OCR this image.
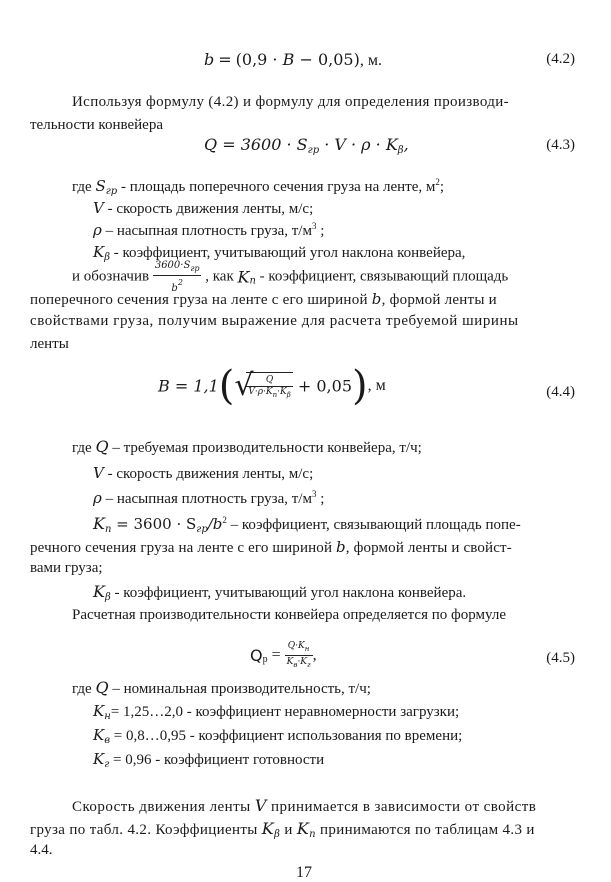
b = (0,9 · B − 0,05), м.	(4.2)
Используя формулу (4.2) и формулу для определения производи-
тельности конвейера
$Q = 3600 \cdot S_{гр} \cdot V \cdot \rho \cdot K_\beta$,	(4.3)
где $S_{гр}$ - площадь поперечного сечения груза на ленте, $м^2$;
V - скорость движения ленты, м/с;
ρ – насыпная плотность груза, $т/м^3$ ;
$K_\beta$ - коэффициент, учитывающий угол наклона конвейера,
и обозначив $\frac{3600\cdot S_{гр}}{b^2}$ , как $K_п$ - коэффициент, связывающий площадь
поперечного сечения груза на ленте с его шириной b, формой ленты и
свойствами груза, получим выражение для расчета требуемой ширины
ленты
B = 1,1( √
$\frac{Q}{V\cdot\rho\cdot K_п\cdot K_\beta} + 0,05$), м	(4.4)
где Q – требуемая производительности конвейера, т/ч;
V - скорость движения ленты, м/с;
ρ – насыпная плотность груза, $т/м^3$ ;
$K_п = 3600 \cdot S_{гр}/b^2$ – коэффициент, связывающий площадь попе-
речного сечения груза на ленте с его шириной b, формой ленты и свойст-
вами груза;
$K_\beta$ - коэффициент, учитывающий угол наклона конвейера.
Расчетная производительности конвейера определяется по формуле
$Q_р = \frac{Q\cdot K_н}{K_в\cdot K_г}$ ,	(4.5)
где Q – номинальная производительность, т/ч;
$K_н=$ 1,25…2,0 - коэффициент неравномерности загрузки;
$K_в$ = 0,8…0,95 - коэффициент использования по времени;
$K_г = 0,96$ - коэффициент готовности
Скорость движения ленты V принимается в зависимости от свойств
груза по табл. 4.2. Коэффициенты $K_\beta$ и $K_п$ принимаются по таблицам 4.3 и
4.4.
17
